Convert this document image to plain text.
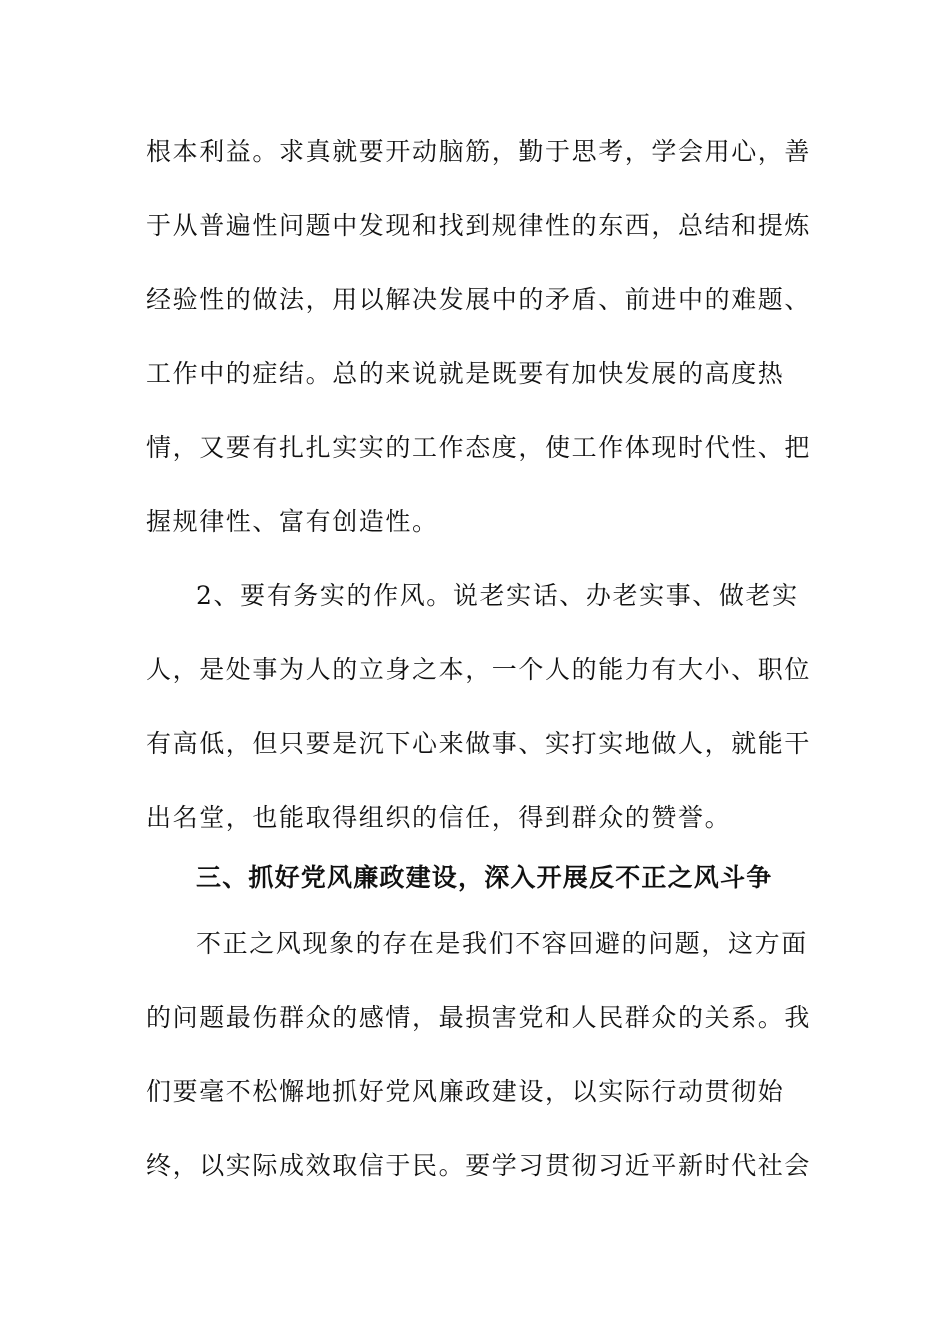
根本利益。求真就要开动脑筋，勤于思考，学会用心，善
于从普遍性问题中发现和找到规律性的东西，总结和提炼
经验性的做法，用以解决发展中的矛盾、前进中的难题、
工作中的症结。总的来说就是既要有加快发展的高度热
情，又要有扎扎实实的工作态度，使工作体现时代性、把
握规律性、富有创造性。
2、要有务实的作风。说老实话、办老实事、做老实
人，是处事为人的立身之本，一个人的能力有大小、职位
有高低，但只要是沉下心来做事、实打实地做人，就能干
出名堂，也能取得组织的信任，得到群众的赞誉。
三、抓好党风廉政建设，深入开展反不正之风斗争
不正之风现象的存在是我们不容回避的问题，这方面
的问题最伤群众的感情，最损害党和人民群众的关系。我
们要毫不松懈地抓好党风廉政建设，以实际行动贯彻始
终，以实际成效取信于民。要学习贯彻习近平新时代社会
